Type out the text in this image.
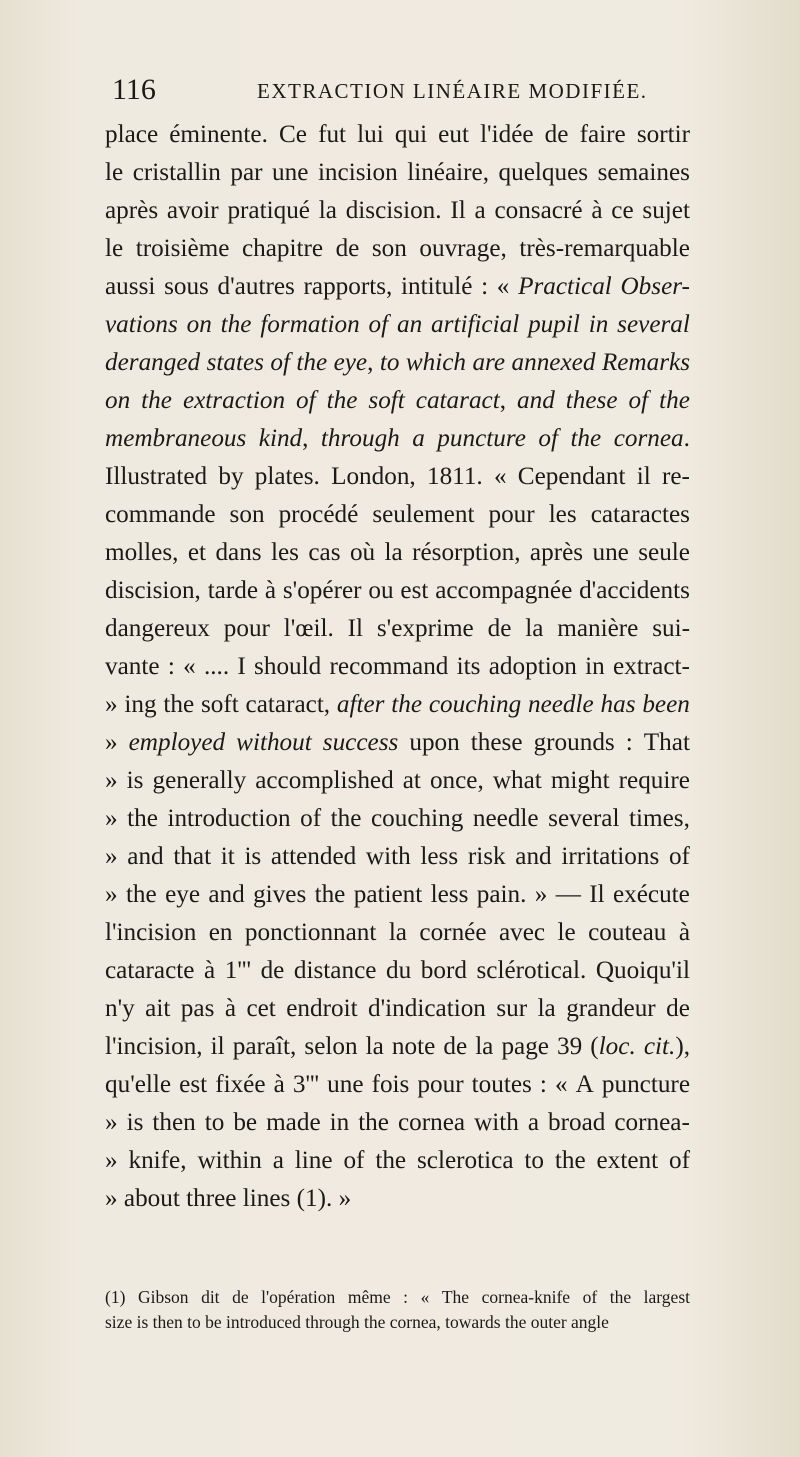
116	EXTRACTION LINÉAIRE MODIFIÉE.
place éminente. Ce fut lui qui eut l'idée de faire sortir
le cristallin par une incision linéaire, quelques semaines
après avoir pratiqué la discision. Il a consacré à ce sujet
le troisième chapitre de son ouvrage, très-remarquable
aussi sous d'autres rapports, intitulé : « Practical Obser-
vations on the formation of an artificial pupil in several
deranged states of the eye, to which are annexed Remarks
on the extraction of the soft cataract, and these of the
membraneous kind, through a puncture of the cornea.
Illustrated by plates. London, 1811. « Cependant il re-
commande son procédé seulement pour les cataractes
molles, et dans les cas où la résorption, après une seule
discision, tarde à s'opérer ou est accompagnée d'accidents
dangereux pour l'œil. Il s'exprime de la manière sui-
vante : « .... I should recommand its adoption in extract-
» ing the soft cataract, after the couching needle has been
» employed without success upon these grounds : That
» is generally accomplished at once, what might require
» the introduction of the couching needle several times,
» and that it is attended with less risk and irritations of
» the eye and gives the patient less pain. » — Il exécute
l'incision en ponctionnant la cornée avec le couteau à
cataracte à 1''' de distance du bord sclérotical. Quoiqu'il
n'y ait pas à cet endroit d'indication sur la grandeur de
l'incision, il paraît, selon la note de la page 39 (loc. cit.),
qu'elle est fixée à 3''' une fois pour toutes : « A puncture
» is then to be made in the cornea with a broad cornea-
» knife, within a line of the sclerotica to the extent of
» about three lines (1). »
(1) Gibson dit de l'opération même : « The cornea-knife of the largest
size is then to be introduced through the cornea, towards the outer angle
